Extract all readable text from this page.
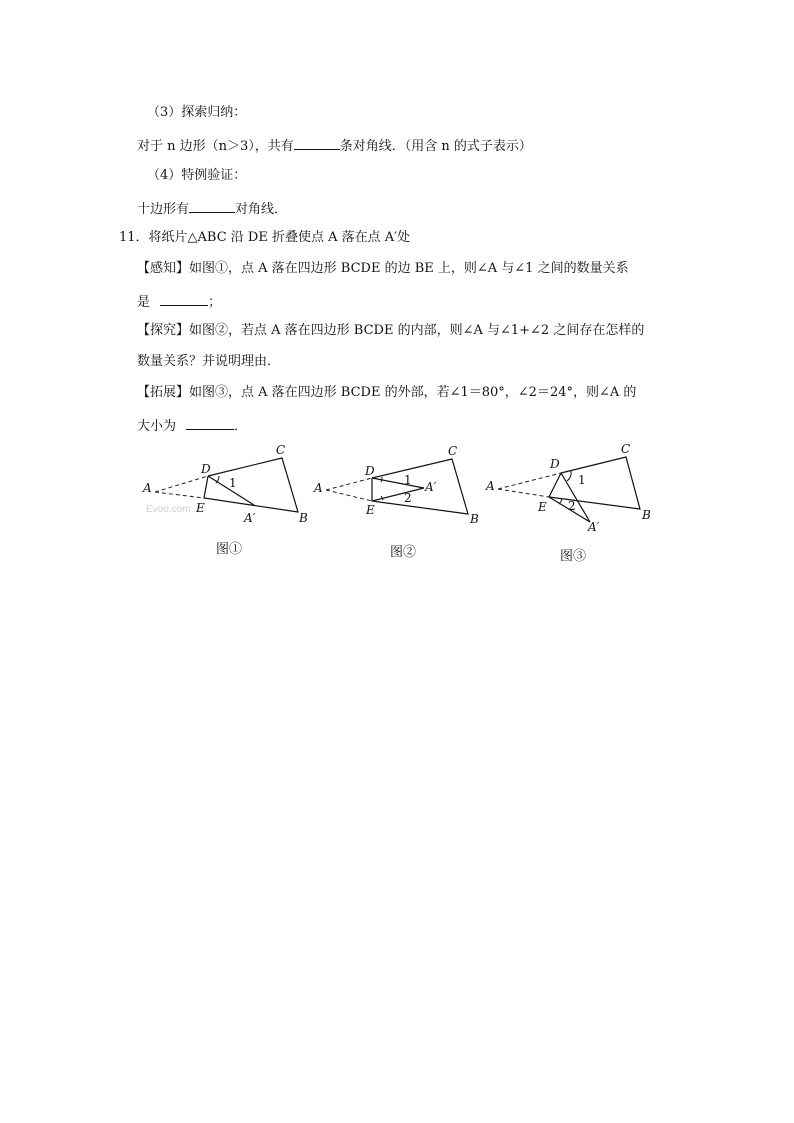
（3）探索归纳：
对于 n 边形（n＞3），共有	条对角线．（用含 n 的式子表示）
（4）特例验证：
十边形有	对角线．
11．将纸片△ABC 沿 DE 折叠使点 A 落在点 A′处
【感知】如图①，点 A 落在四边形 BCDE 的边 BE 上，则∠A 与∠1 之间的数量关系
是	；
【探究】如图②，若点 A 落在四边形 BCDE 的内部，则∠A 与∠1+∠2 之间存在怎样的
数量关系？并说明理由．
【拓展】如图③，点 A 落在四边形 BCDE 的外部，若∠1＝80°，∠2＝24°，则∠A 的
大小为	．
A
D
C
E
B
A′
1	A
D
C
E
B
A′
1
2
A
D
C
E
B
A′
1
2
Evoo.com
图①	图②	图③
